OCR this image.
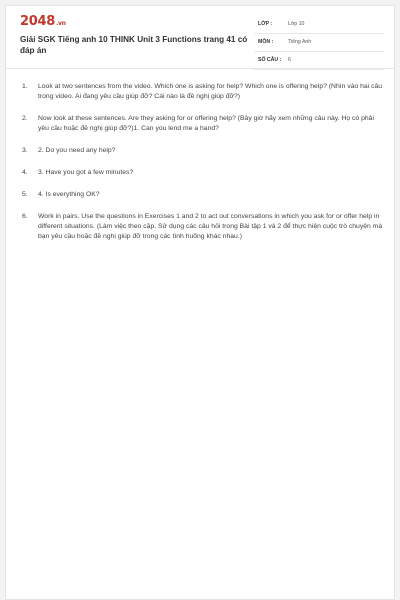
2048.vn
Giải SGK Tiếng anh 10 THINK Unit 3 Functions trang 41 có đáp án
LỚP :	Lớp 10
MÔN :	Tiếng Anh
SỐ CÂU : 6
1. Look at two sentences from the video. Which one is asking for help? Which one is offering help? (Nhìn vào hai câu trong video. Ai đang yêu cầu giúp đỡ? Cái nào là đề nghị giúp đỡ?)
2. Now look at these sentences. Are they asking for or offering help? (Bây giờ hãy xem những câu này. Họ có phải yêu cầu hoặc đề nghị giúp đỡ?)1. Can you lend me a hand?
3. 2. Do you need any help?
4. 3. Have you got a few minutes?
5. 4. Is everything OK?
6. Work in pairs. Use the questions in Exercises 1 and 2 to act out conversations in which you ask for or offer help in different situations. (Làm việc theo cặp. Sử dụng các câu hỏi trong Bài tập 1 và 2 để thực hiện cuộc trò chuyện mà bạn yêu cầu hoặc đề nghị giúp đỡ trong các tình huống khác nhau.)
